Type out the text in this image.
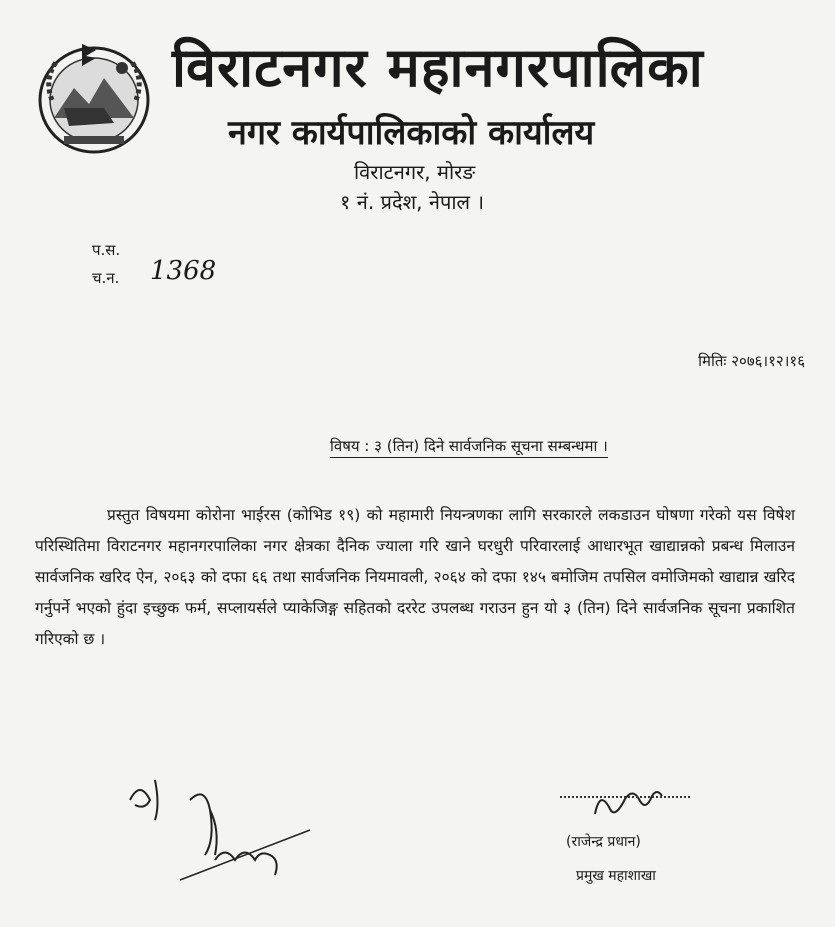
विराटनगर महानगरपालिका
नगर कार्यपालिकाको कार्यालय
विराटनगर, मोरङ
१ नं. प्रदेश, नेपाल ।
प.स.
च.न. 1368
मितिः २०७६।१२।१६
विषय : ३ (तिन) दिने सार्वजनिक सूचना सम्बन्धमा ।
प्रस्तुत विषयमा कोरोना भाईरस (कोभिड १९) को महामारी नियन्त्रणका लागि सरकारले लकडाउन घोषणा गरेको यस विषेश परिस्थितिमा विराटनगर महानगरपालिका नगर क्षेत्रका दैनिक ज्याला गरि खाने घरधुरी परिवारलाई आधारभूत खाद्यान्नको प्रबन्ध मिलाउन सार्वजनिक खरिद ऐन, २०६३ को दफा ६६ तथा सार्वजनिक नियमावली, २०६४ को दफा १४५ बमोजिम तपसिल वमोजिमको खाद्यान्न खरिद गर्नुपर्ने भएको हुंदा इच्छुक फर्म, सप्लायर्सले प्याकेजिङ्ग सहितको दररेट उपलब्ध गराउन हुन यो ३ (तिन) दिने सार्वजनिक सूचना प्रकाशित गरिएको छ ।
(राजेन्द्र प्रधान)
प्रमुख महाशाखा
